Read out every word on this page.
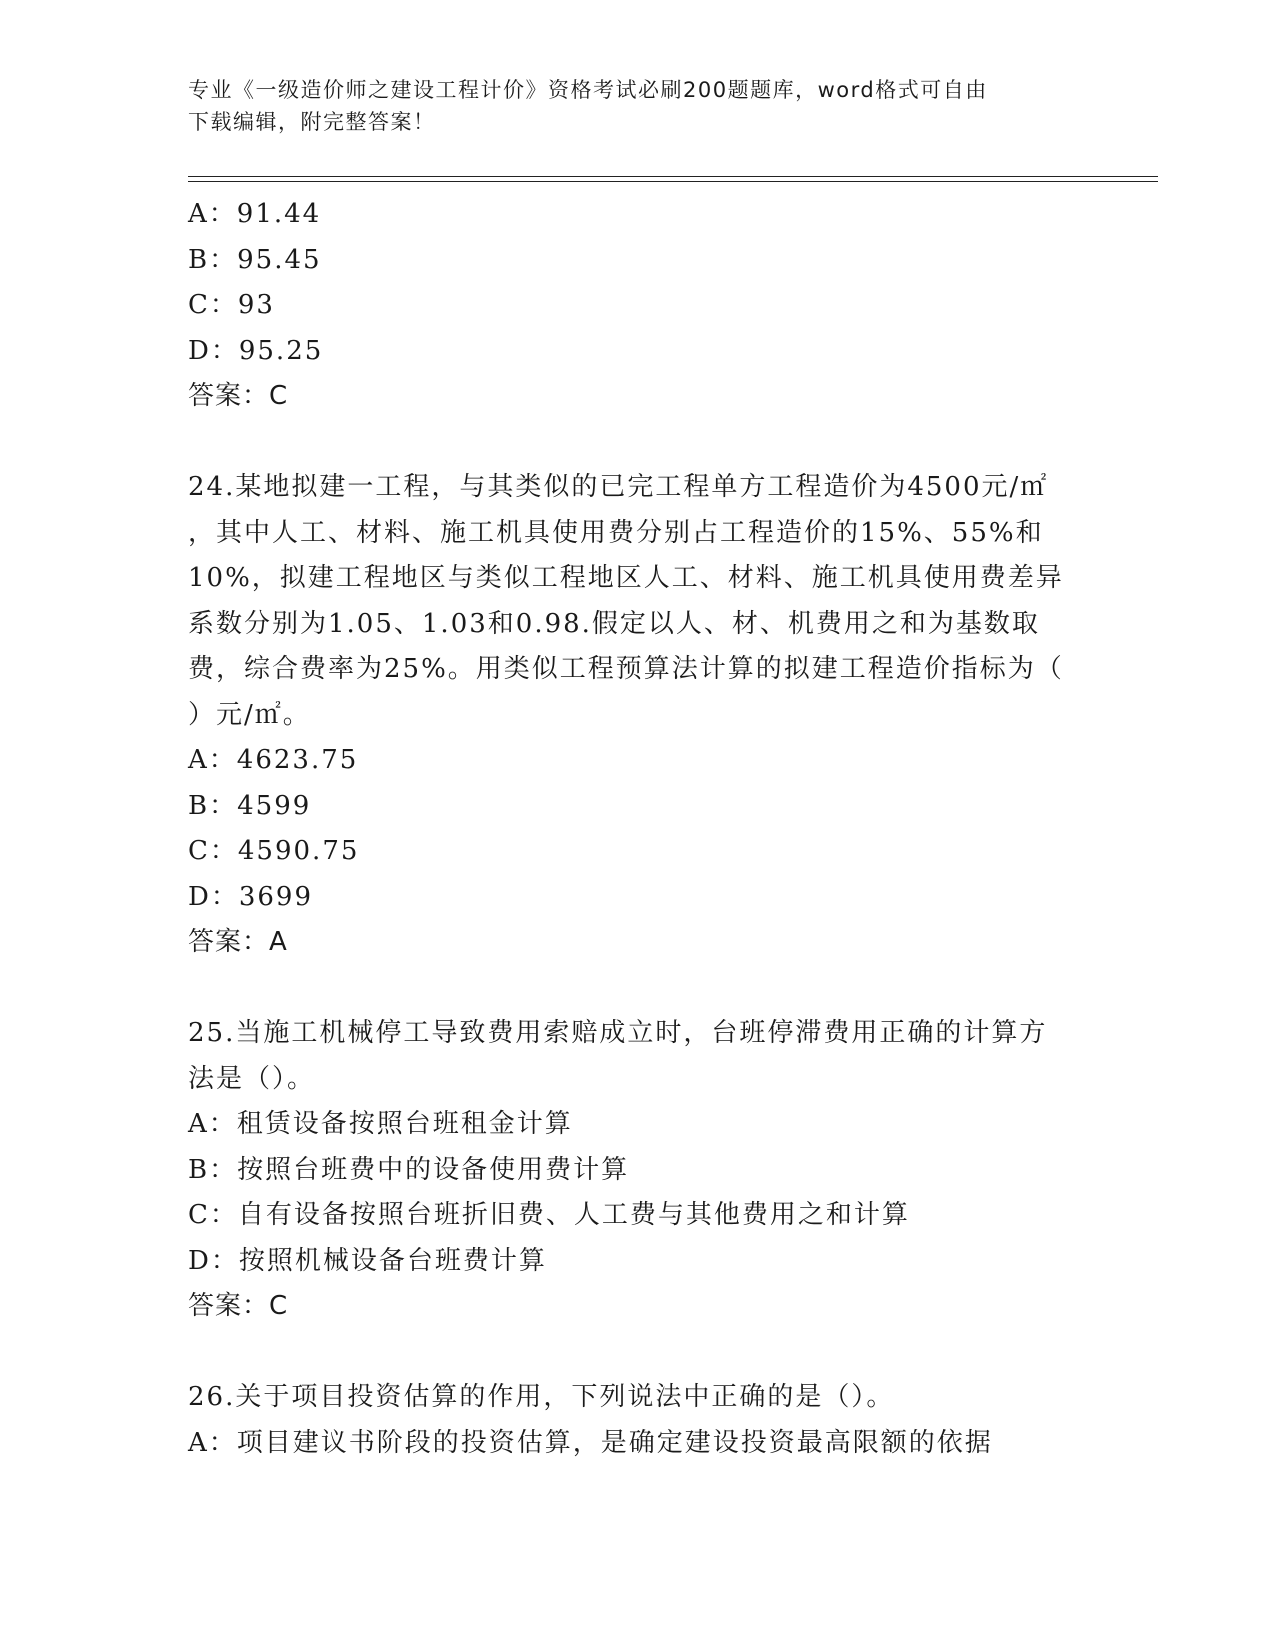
专业《一级造价师之建设工程计价》资格考试必刷200题题库，word格式可自由
下载编辑，附完整答案！
A：91.44
B：95.45
C：93
D：95.25
答案：C
24.某地拟建一工程，与其类似的已完工程单方工程造价为4500元/㎡
，其中人工、材料、施工机具使用费分别占工程造价的15%、55%和
10%，拟建工程地区与类似工程地区人工、材料、施工机具使用费差异
系数分别为1.05、1.03和0.98.假定以人、材、机费用之和为基数取
费，综合费率为25%。用类似工程预算法计算的拟建工程造价指标为（
）元/㎡。
A：4623.75
B：4599
C：4590.75
D：3699
答案：A
25.当施工机械停工导致费用索赔成立时，台班停滞费用正确的计算方
法是（）。
A：租赁设备按照台班租金计算
B：按照台班费中的设备使用费计算
C：自有设备按照台班折旧费、人工费与其他费用之和计算
D：按照机械设备台班费计算
答案：C
26.关于项目投资估算的作用，下列说法中正确的是（）。
A：项目建议书阶段的投资估算，是确定建设投资最高限额的依据
